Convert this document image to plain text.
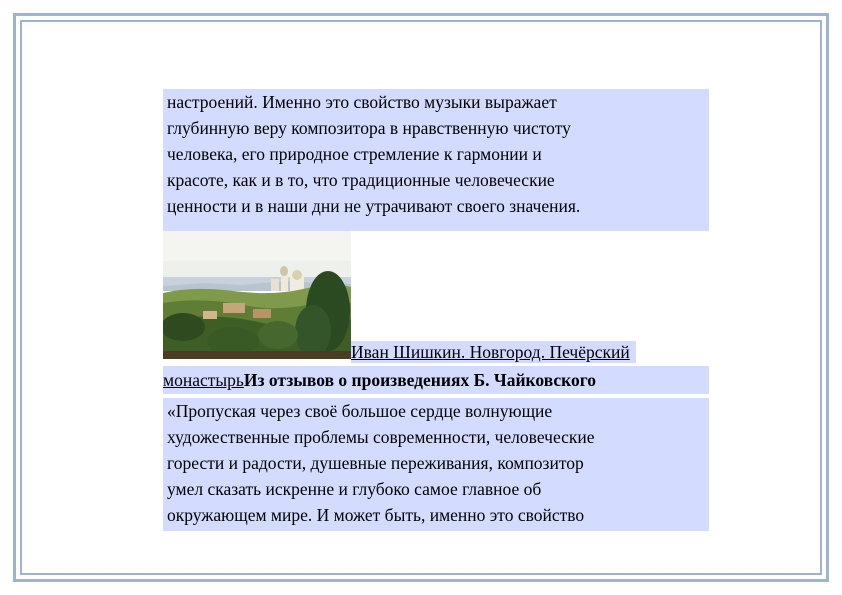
настроений. Именно это свойство музыки выражает
глубинную веру композитора в нравственную чистоту
человека, его природное стремление к гармонии и
красоте, как и в то, что традиционные человеческие
ценности и в наши дни не утрачивают своего значения.

Иван Шишкин. Новгород. Печёрский
монастырьИз отзывов о произведениях Б. Чайковского

«Пропуская через своё большое сердце волнующие
художественные проблемы современности, человеческие
горести и радости, душевные переживания, композитор
умел сказать искренне и глубоко самое главное об
окружающем мире. И может быть, именно это свойство
